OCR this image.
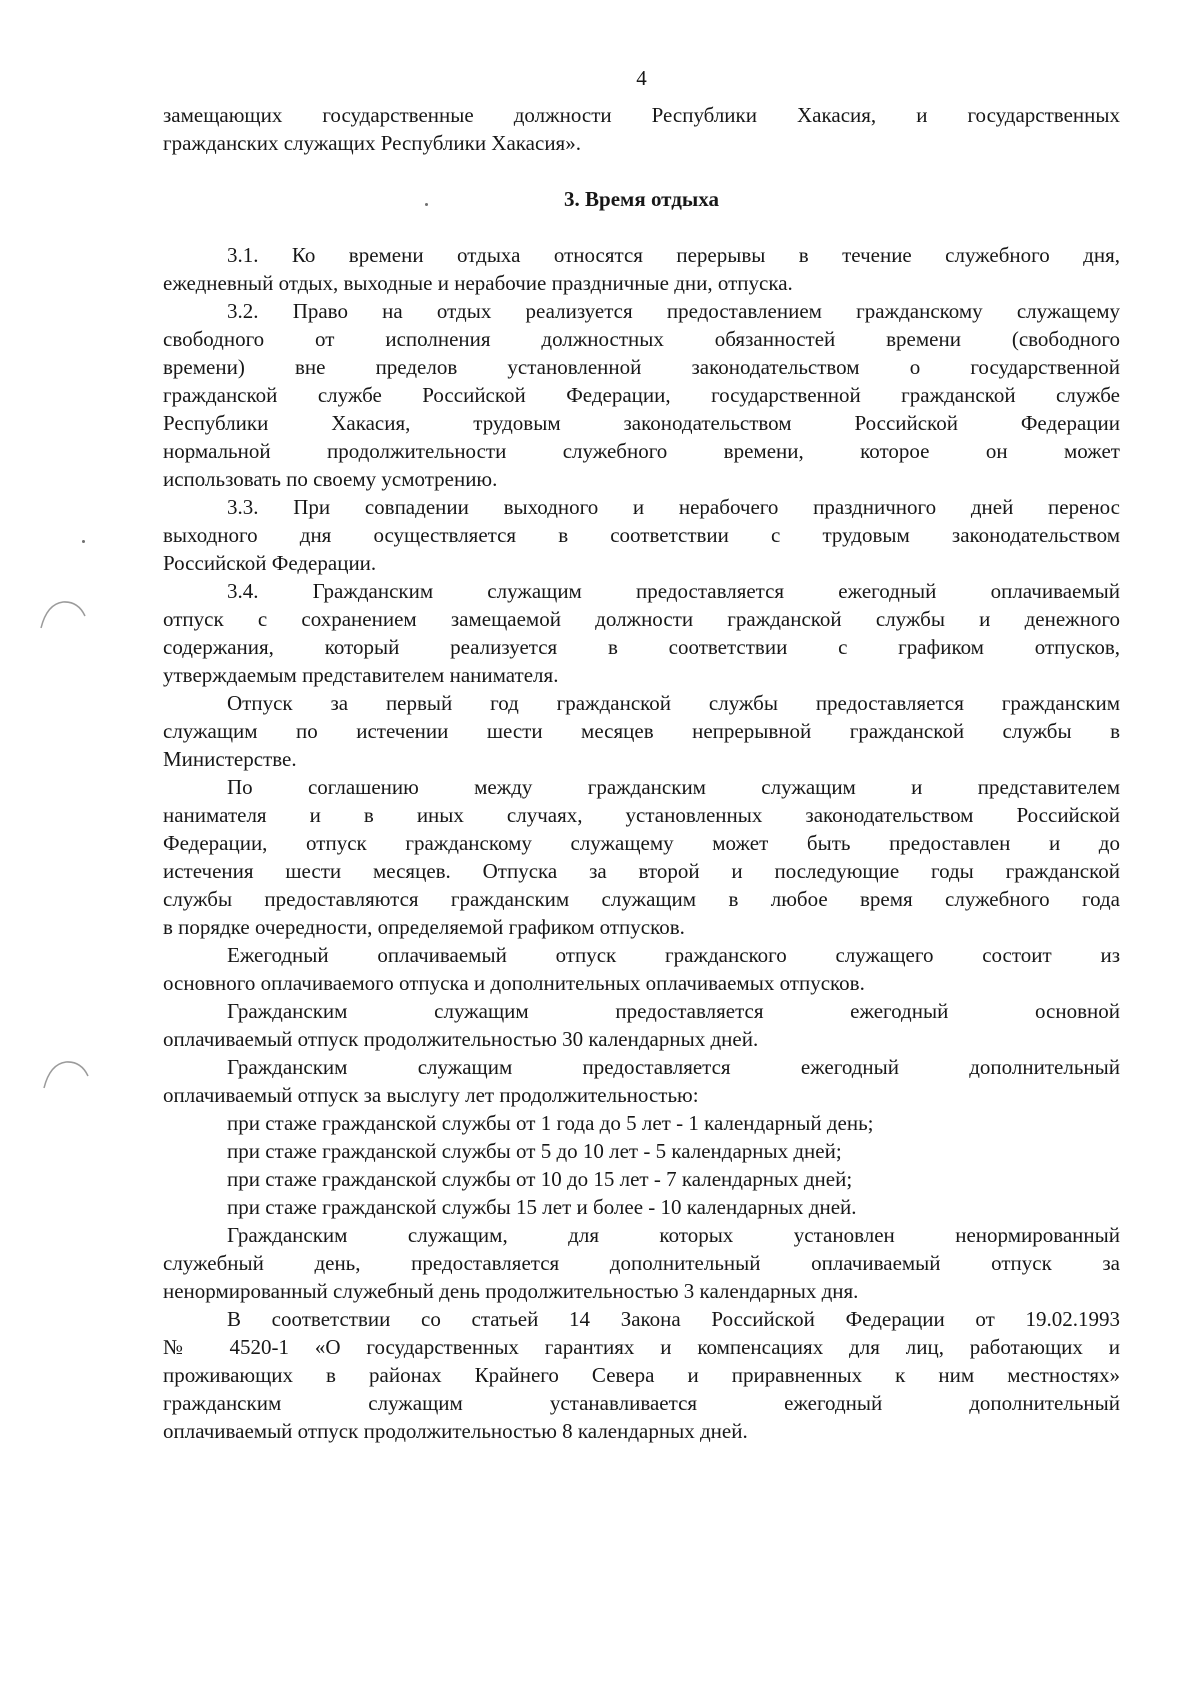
4
замещающих государственные должности Республики Хакасия, и государственных
гражданских служащих Республики Хакасия».
3. Время отдыха
3.1. Ко времени отдыха относятся перерывы в течение служебного дня,
ежедневный отдых, выходные и нерабочие праздничные дни, отпуска.
3.2. Право на отдых реализуется предоставлением гражданскому служащему
свободного от исполнения должностных обязанностей времени (свободного
времени) вне пределов установленной законодательством о государственной
гражданской службе Российской Федерации, государственной гражданской службе
Республики Хакасия, трудовым законодательством Российской Федерации
нормальной продолжительности служебного времени, которое он может
использовать по своему усмотрению.
3.3. При совпадении выходного и нерабочего праздничного дней перенос
выходного дня осуществляется в соответствии с трудовым законодательством
Российской Федерации.
3.4. Гражданским служащим предоставляется ежегодный оплачиваемый
отпуск с сохранением замещаемой должности гражданской службы и денежного
содержания, который реализуется в соответствии с графиком отпусков,
утверждаемым представителем нанимателя.
Отпуск за первый год гражданской службы предоставляется гражданским
служащим по истечении шести месяцев непрерывной гражданской службы в
Министерстве.
По соглашению между гражданским служащим и представителем
нанимателя и в иных случаях, установленных законодательством Российской
Федерации, отпуск гражданскому служащему может быть предоставлен и до
истечения шести месяцев. Отпуска за второй и последующие годы гражданской
службы предоставляются гражданским служащим в любое время служебного года
в порядке очередности, определяемой графиком отпусков.
Ежегодный оплачиваемый отпуск гражданского служащего состоит из
основного оплачиваемого отпуска и дополнительных оплачиваемых отпусков.
Гражданским служащим предоставляется ежегодный основной
оплачиваемый отпуск продолжительностью 30 календарных дней.
Гражданским служащим предоставляется ежегодный дополнительный
оплачиваемый отпуск за выслугу лет продолжительностью:
при стаже гражданской службы от 1 года до 5 лет - 1 календарный день;
при стаже гражданской службы от 5 до 10 лет - 5 календарных дней;
при стаже гражданской службы от 10 до 15 лет - 7 календарных дней;
при стаже гражданской службы 15 лет и более - 10 календарных дней.
Гражданским служащим, для которых установлен ненормированный
служебный день, предоставляется дополнительный оплачиваемый отпуск за
ненормированный служебный день продолжительностью 3 календарных дня.
В соответствии со статьей 14 Закона Российской Федерации от 19.02.1993
№ 4520-1 «О государственных гарантиях и компенсациях для лиц, работающих и
проживающих в районах Крайнего Севера и приравненных к ним местностях»
гражданским служащим устанавливается ежегодный дополнительный
оплачиваемый отпуск продолжительностью 8 календарных дней.
